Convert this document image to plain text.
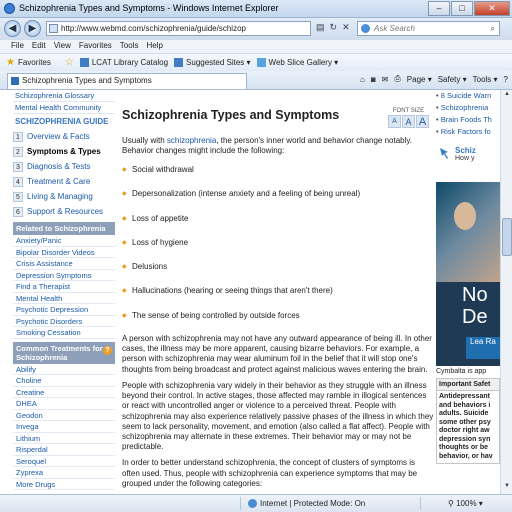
Schizophrenia Types and Symptoms - Windows Internet Explorer	–	□	✕
◀	▶	http://www.webmd.com/schizophrenia/guide/schizop	▤ ↻ ✕	Ask Search	⌕
File	Edit	View	Favorites	Tools	Help
★ Favorites ☆ LCAT Library Catalog Suggested Sites ▾ Web Slice Gallery ▾
Schizophrenia Types and Symptoms	⌂ ◙ ✉ ⎙ Page ▾ Safety ▾ Tools ▾ ?
Schizophrenia Glossary
Mental Health Community
SCHIZOPHRENIA GUIDE
1 Overview & Facts
2 Symptoms & Types
3 Diagnosis & Tests
4 Treatment & Care
5 Living & Managing
6 Support & Resources
Related to Schizophrenia
Anxiety/Panic
Bipolar Disorder Videos
Crisis Assistance
Depression Symptoms
Find a Therapist
Mental Health
Psychotic Depression
Psychotic Disorders
Smoking Cessation
Common Treatments for Schizophrenia
?
Abilify
Choline
Creatine
DHEA
Geodon
Invega
Lithium
Risperdal
Seroquel
Zyprexa
More Drugs
Schizophrenia Types and Symptoms	FONT SIZE
A A A

Usually with schizophrenia, the person's inner world and behavior change notably. Behavior changes might include the following:

◆ Social withdrawal
◆ Depersonalization (intense anxiety and a feeling of being unreal)
◆ Loss of appetite
◆ Loss of hygiene
◆ Delusions
◆ Hallucinations (hearing or seeing things that aren't there)
◆ The sense of being controlled by outside forces

A person with schizophrenia may not have any outward appearance of being ill. In other cases, the illness may be more apparent, causing bizarre behaviors. For example, a person with schizophrenia may wear aluminum foil in the belief that it will stop one's thoughts from being broadcast and protect against malicious waves entering the brain.

People with schizophrenia vary widely in their behavior as they struggle with an illness beyond their control. In active stages, those affected may ramble in illogical sentences or react with uncontrolled anger or violence to a perceived threat. People with schizophrenia may also experience relatively passive phases of the illness in which they seem to lack personality, movement, and emotion (also called a flat affect). People with schizophrenia may alternate in these extremes. Their behavior may or may not be predictable.

In order to better understand schizophrenia, the concept of clusters of symptoms is often used. Thus, people with schizophrenia can experience symptoms that may be grouped under the following categories:

• 8 Suicide Warn
• Schizophrenia
• Brain Foods Th
• Risk Factors fo
Schiz
How y
No
De
Lea Ra
Cymbalta is app
Important Safet
Antidepressant and behaviors i adults. Suicide some other psy doctor right aw depression syn thoughts or be behavior, or hav
▲
▼
Internet | Protected Mode: On	⚲ 100% ▾
